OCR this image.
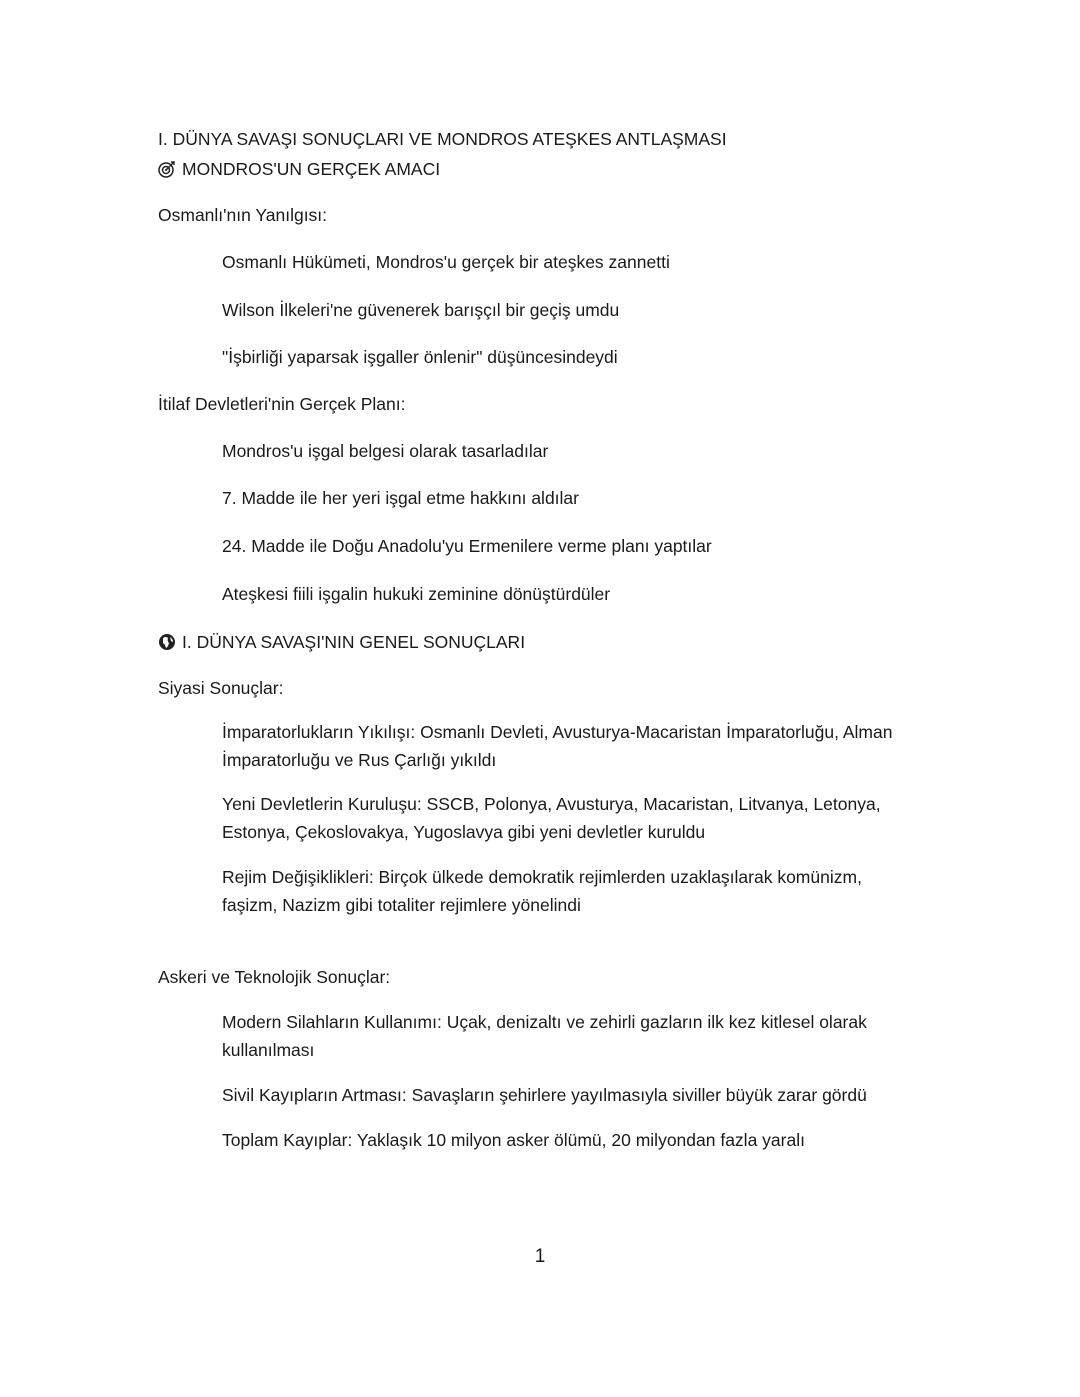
I. DÜNYA SAVAŞI SONUÇLARI VE MONDROS ATEŞKES ANTLAŞMASI
MONDROS'UN GERÇEK AMACI
Osmanlı'nın Yanılgısı:
Osmanlı Hükümeti, Mondros'u gerçek bir ateşkes zannetti
Wilson İlkeleri'ne güvenerek barışçıl bir geçiş umdu
"İşbirliği yaparsak işgaller önlenir" düşüncesindeydi
İtilaf Devletleri'nin Gerçek Planı:
Mondros'u işgal belgesi olarak tasarladılar
7. Madde ile her yeri işgal etme hakkını aldılar
24. Madde ile Doğu Anadolu'yu Ermenilere verme planı yaptılar
Ateşkesi fiili işgalin hukuki zeminine dönüştürdüler
I. DÜNYA SAVAŞI'NIN GENEL SONUÇLARI
Siyasi Sonuçlar:
İmparatorlukların Yıkılışı: Osmanlı Devleti, Avusturya-Macaristan İmparatorluğu, Alman İmparatorluğu ve Rus Çarlığı yıkıldı
Yeni Devletlerin Kuruluşu: SSCB, Polonya, Avusturya, Macaristan, Litvanya, Letonya, Estonya, Çekoslovakya, Yugoslavya gibi yeni devletler kuruldu
Rejim Değişiklikleri: Birçok ülkede demokratik rejimlerden uzaklaşılarak komünizm, faşizm, Nazizm gibi totaliter rejimlere yönelindi
Askeri ve Teknolojik Sonuçlar:
Modern Silahların Kullanımı: Uçak, denizaltı ve zehirli gazların ilk kez kitlesel olarak kullanılması
Sivil Kayıpların Artması: Savaşların şehirlere yayılmasıyla siviller büyük zarar gördü
Toplam Kayıplar: Yaklaşık 10 milyon asker ölümü, 20 milyondan fazla yaralı
1
